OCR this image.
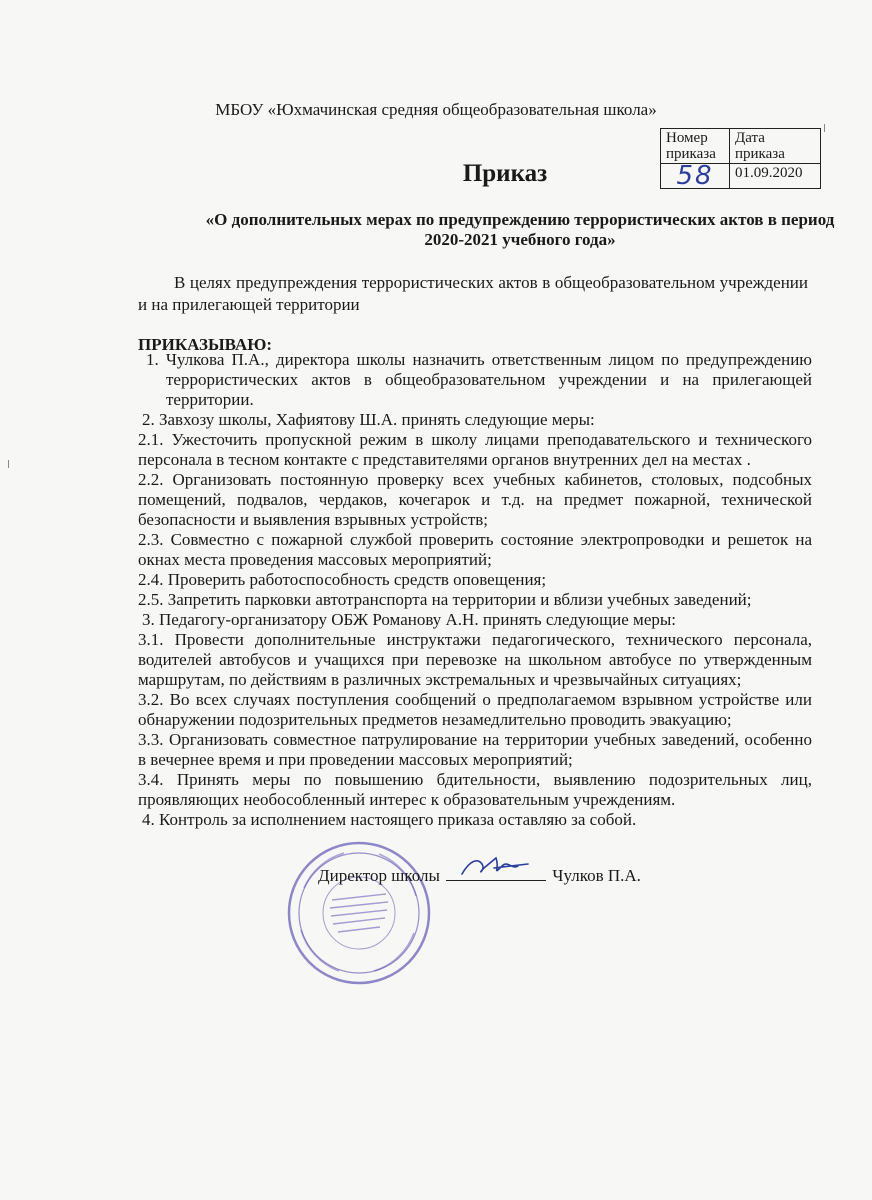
МБОУ «Юхмачинская средняя общеобразовательная школа»
Номер приказа	Дата приказа
58	01.09.2020
Приказ
«О дополнительных мерах по предупреждению террористических актов в период 2020-2021 учебного года»
В целях предупреждения террористических актов в общеобразовательном учреждении и на прилегающей территории
ПРИКАЗЫВАЮ:
1. Чулкова П.А., директора школы назначить ответственным лицом по предупреждению террористических актов в общеобразовательном учреждении и на прилегающей территории.
2. Завхозу школы, Хафиятову Ш.А. принять следующие меры:
2.1. Ужесточить пропускной режим в школу лицами преподавательского и технического персонала в тесном контакте с представителями органов внутренних дел на местах .
2.2. Организовать постоянную проверку всех учебных кабинетов, столовых, подсобных помещений, подвалов, чердаков, кочегарок и т.д. на предмет пожарной, технической безопасности и выявления взрывных устройств;
2.3. Совместно с пожарной службой проверить состояние электропроводки и решеток на окнах места проведения массовых мероприятий;
2.4. Проверить работоспособность средств оповещения;
2.5. Запретить парковки автотранспорта на территории и вблизи учебных заведений;
3. Педагогу-организатору ОБЖ Романову А.Н. принять следующие меры:
3.1. Провести дополнительные инструктажи педагогического, технического персонала, водителей автобусов и учащихся при перевозке на школьном автобусе по утвержденным маршрутам, по действиям в различных экстремальных и чрезвычайных ситуациях;
3.2. Во всех случаях поступления сообщений о предполагаемом взрывном устройстве или обнаружении подозрительных предметов незамедлительно проводить эвакуацию;
3.3. Организовать совместное патрулирование на территории учебных заведений, особенно в вечернее время и при проведении массовых мероприятий;
3.4. Принять меры по повышению бдительности, выявлению подозрительных лиц, проявляющих необособленный интерес к образовательным учреждениям.
4. Контроль за исполнением настоящего приказа оставляю за собой.
Директор школы	Чулков П.А.
